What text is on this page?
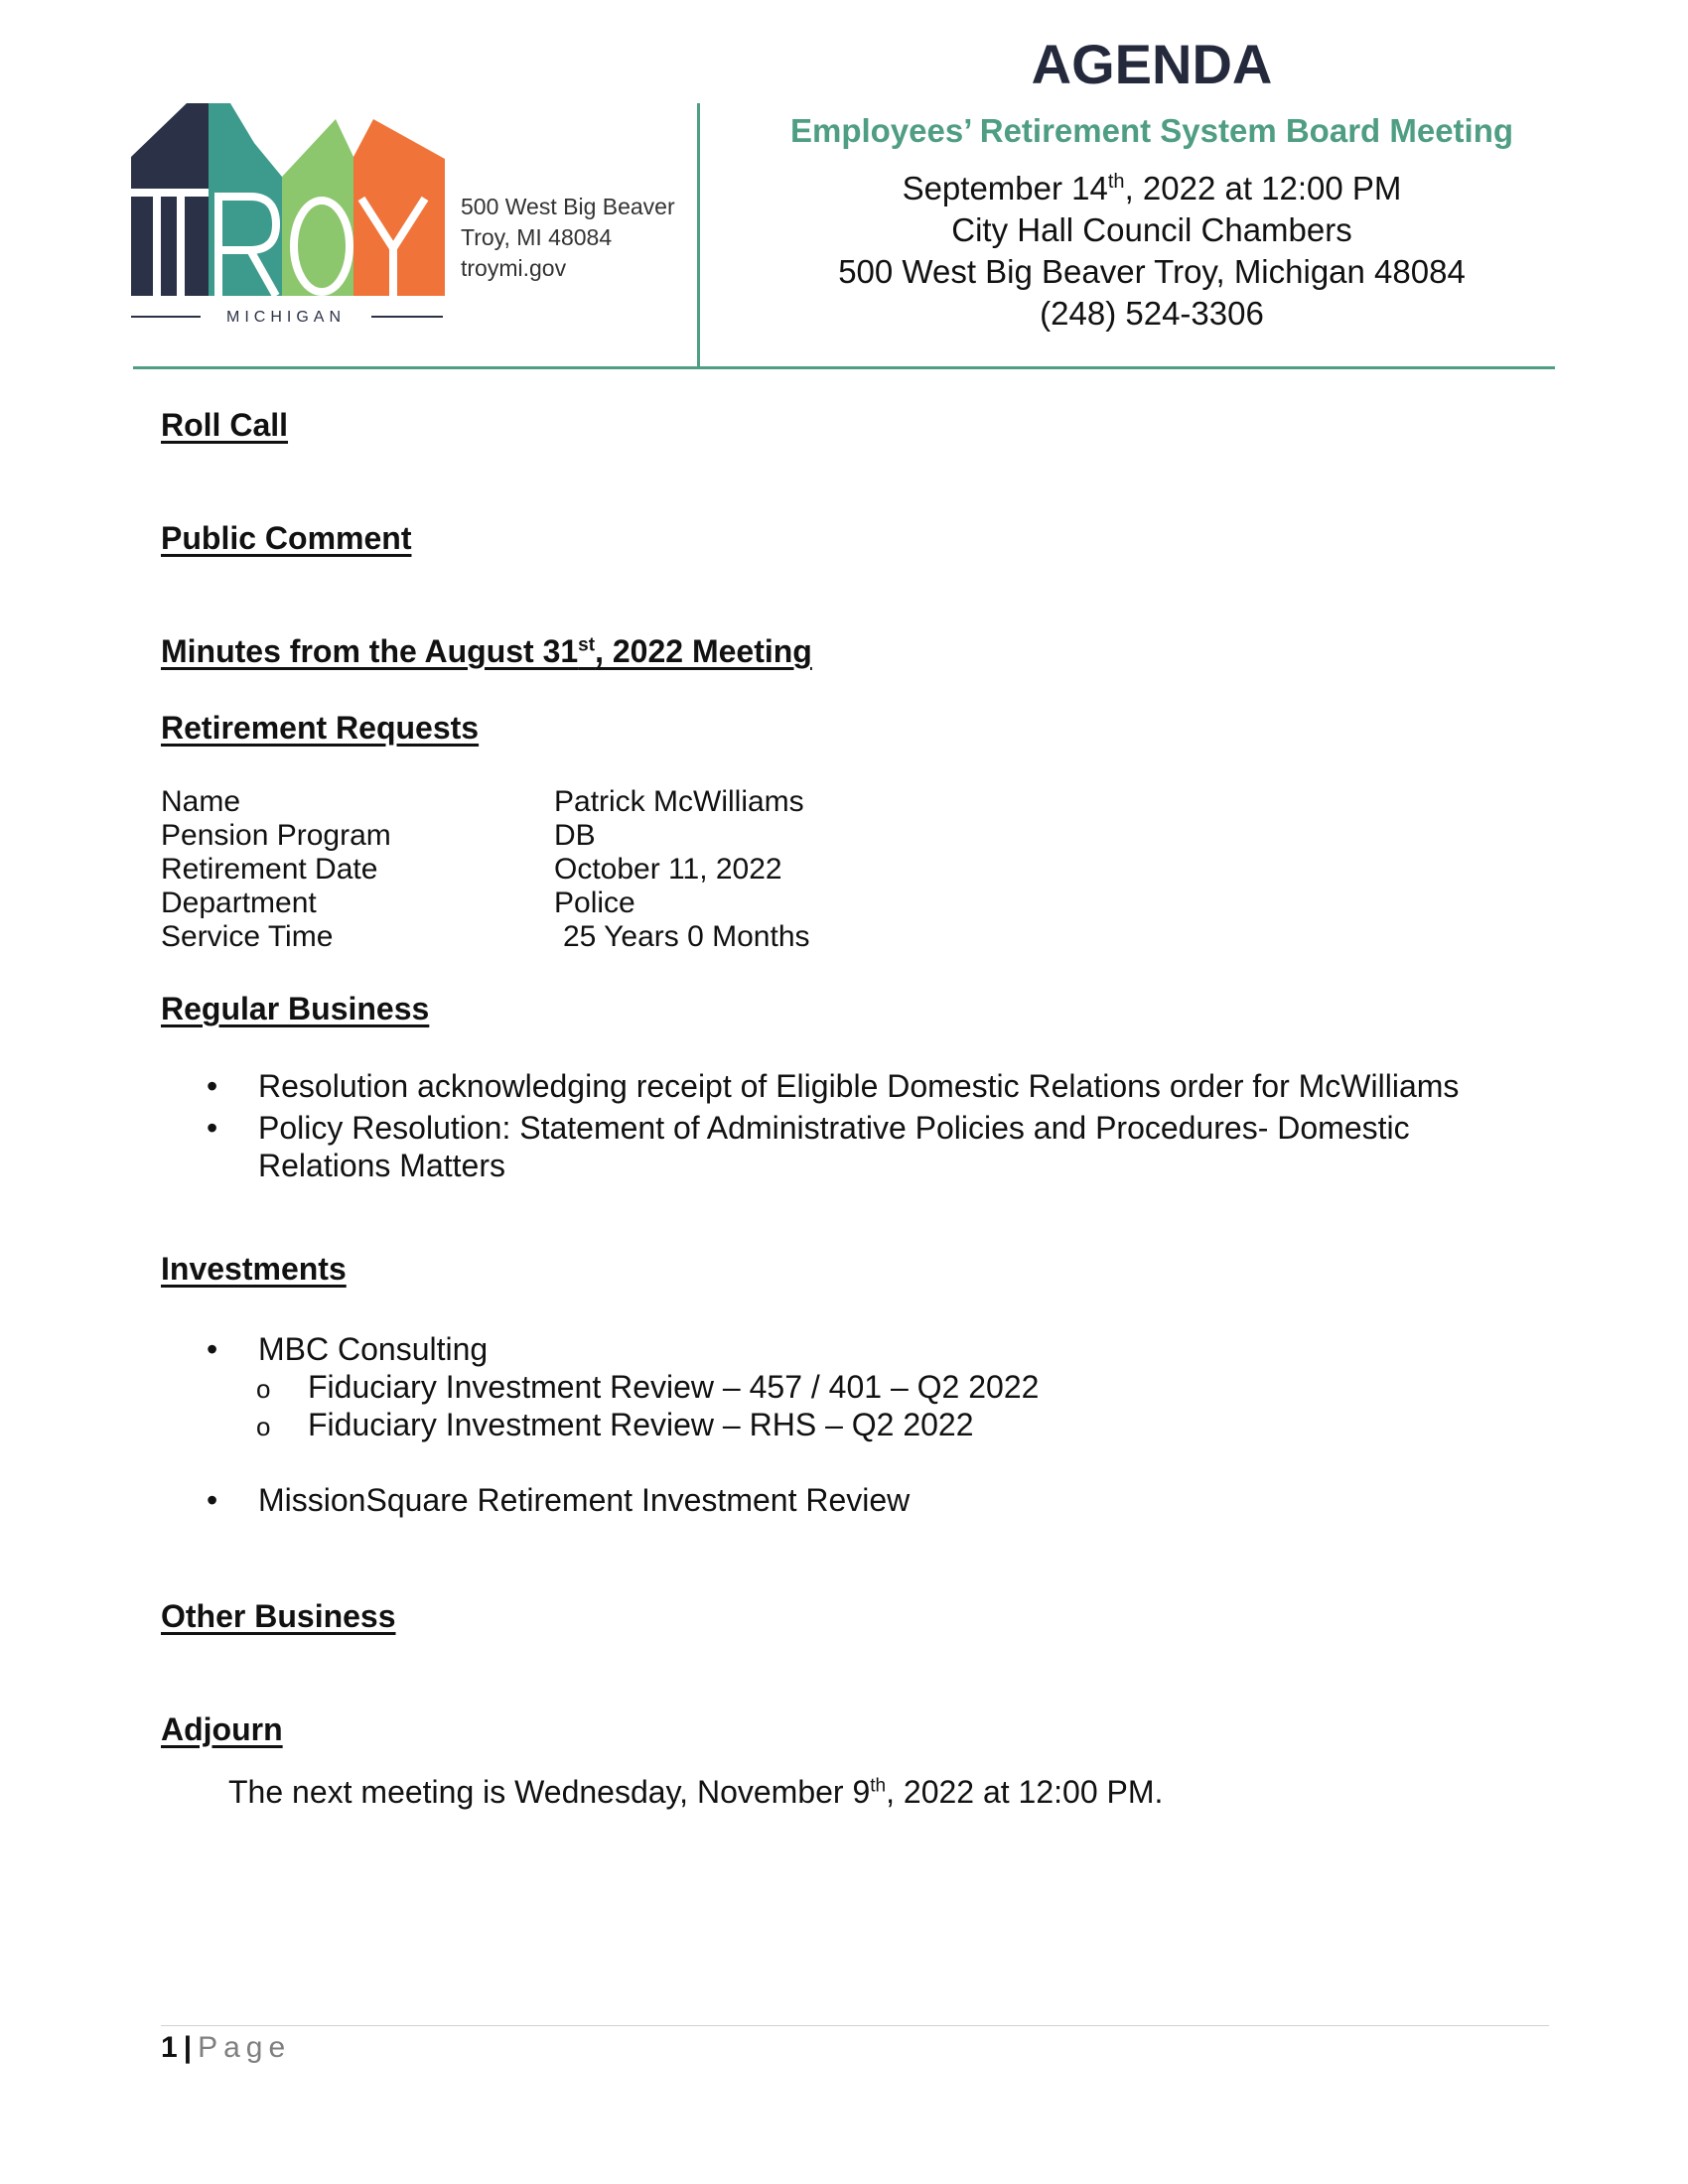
MICHIGAN
500 West Big Beaver
Troy, MI 48084
troymi.gov
AGENDA
Employees’ Retirement System Board Meeting
September 14th, 2022 at 12:00 PM
City Hall Council Chambers
500 West Big Beaver Troy, Michigan 48084
(248) 524-3306
Roll Call
Public Comment
Minutes from the August 31st, 2022 Meeting
Retirement Requests
Name	Patrick McWilliams
Pension Program	DB
Retirement Date	October 11, 2022
Department	Police
Service Time	25 Years 0 Months
Regular Business
• Resolution acknowledging receipt of Eligible Domestic Relations order for McWilliams
• Policy Resolution: Statement of Administrative Policies and Procedures- Domestic Relations Matters
Investments
• MBC Consulting
o Fiduciary Investment Review – 457 / 401 – Q2 2022
o Fiduciary Investment Review – RHS – Q2 2022
• MissionSquare Retirement Investment Review
Other Business
Adjourn
The next meeting is Wednesday, November 9th, 2022 at 12:00 PM.
1 | Page
